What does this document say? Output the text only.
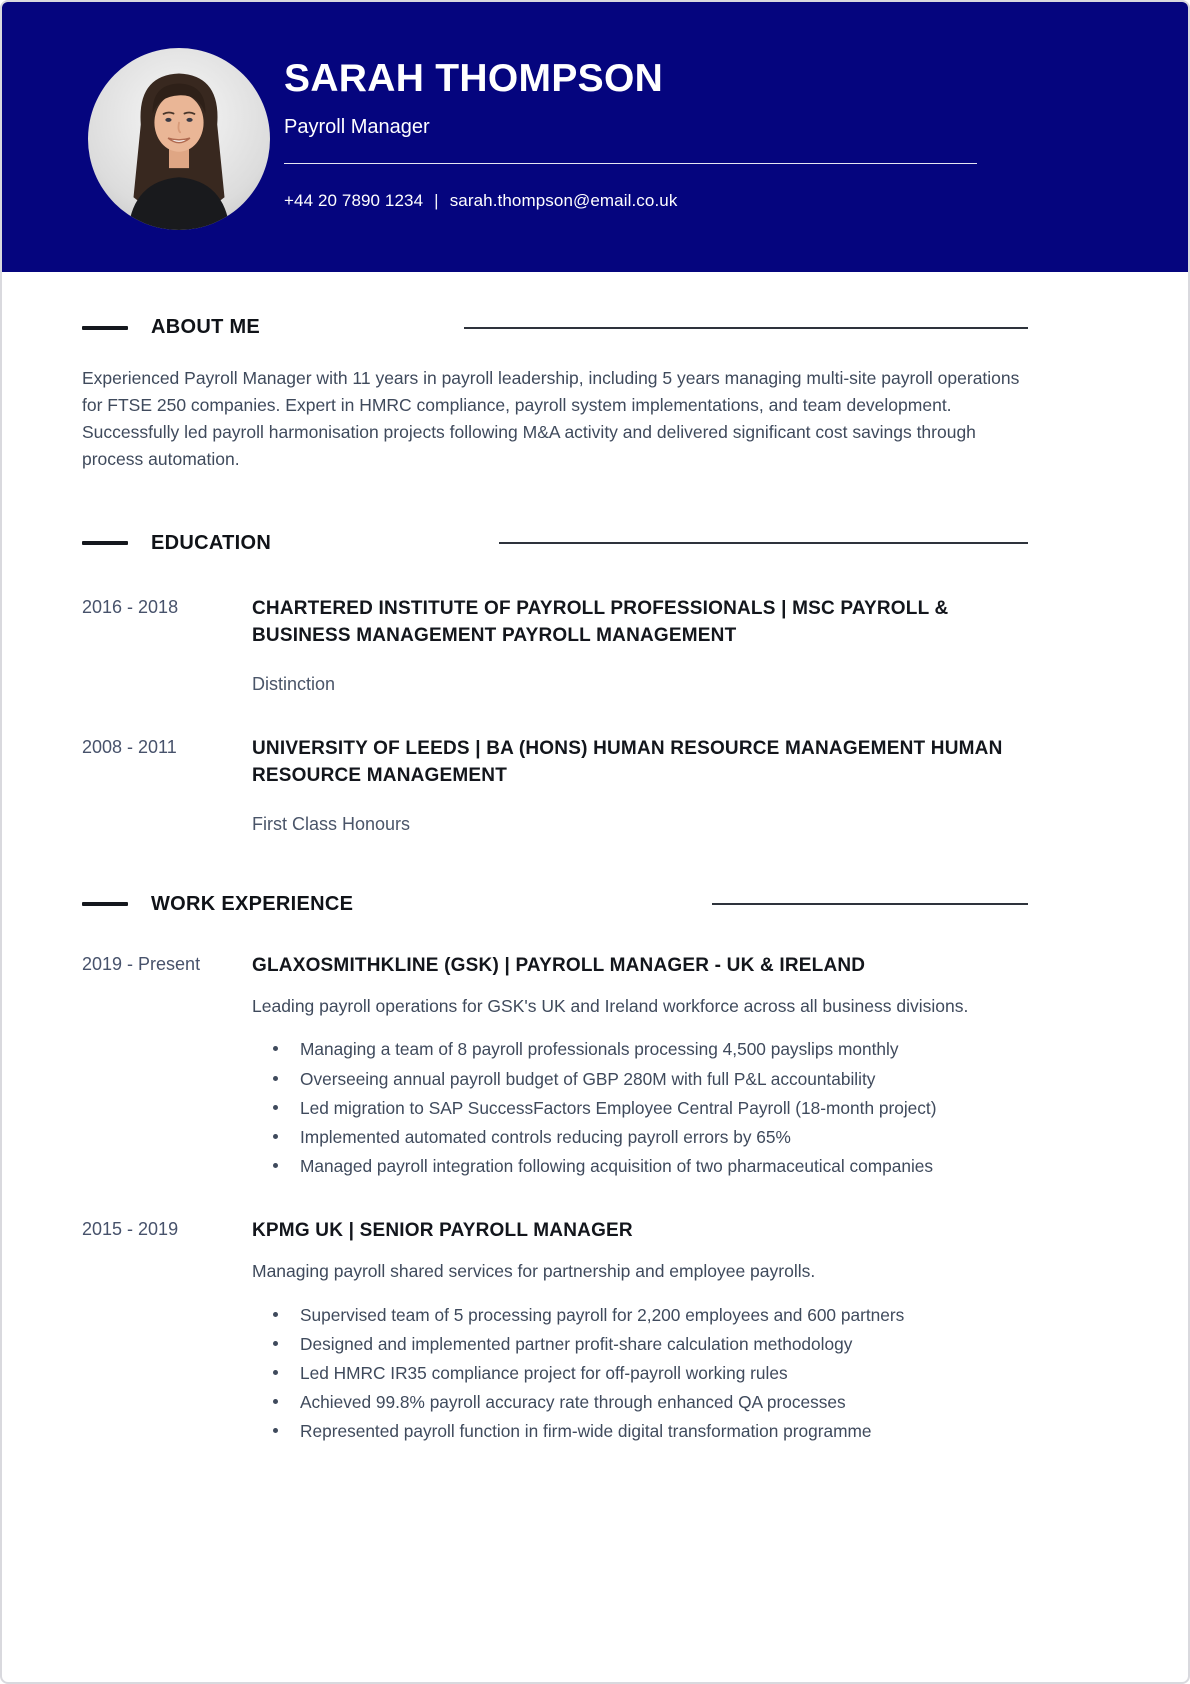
SARAH THOMPSON
Payroll Manager
+44 20 7890 1234 | sarah.thompson@email.co.uk
ABOUT ME

Experienced Payroll Manager with 11 years in payroll leadership, including 5 years managing multi-site payroll operations for FTSE 250 companies. Expert in HMRC compliance, payroll system implementations, and team development. Successfully led payroll harmonisation projects following M&A activity and delivered significant cost savings through process automation.

EDUCATION
2016 - 2018	CHARTERED INSTITUTE OF PAYROLL PROFESSIONALS | MSC PAYROLL & BUSINESS MANAGEMENT PAYROLL MANAGEMENT
Distinction
2008 - 2011	UNIVERSITY OF LEEDS | BA (HONS) HUMAN RESOURCE MANAGEMENT HUMAN RESOURCE MANAGEMENT
First Class Honours
WORK EXPERIENCE
2019 - Present	GLAXOSMITHKLINE (GSK) | PAYROLL MANAGER - UK & IRELAND
Leading payroll operations for GSK's UK and Ireland workforce across all business divisions.
Managing a team of 8 payroll professionals processing 4,500 payslips monthly
Overseeing annual payroll budget of GBP 280M with full P&L accountability
Led migration to SAP SuccessFactors Employee Central Payroll (18-month project)
Implemented automated controls reducing payroll errors by 65%
Managed payroll integration following acquisition of two pharmaceutical companies
2015 - 2019	KPMG UK | SENIOR PAYROLL MANAGER
Managing payroll shared services for partnership and employee payrolls.
Supervised team of 5 processing payroll for 2,200 employees and 600 partners
Designed and implemented partner profit-share calculation methodology
Led HMRC IR35 compliance project for off-payroll working rules
Achieved 99.8% payroll accuracy rate through enhanced QA processes
Represented payroll function in firm-wide digital transformation programme
